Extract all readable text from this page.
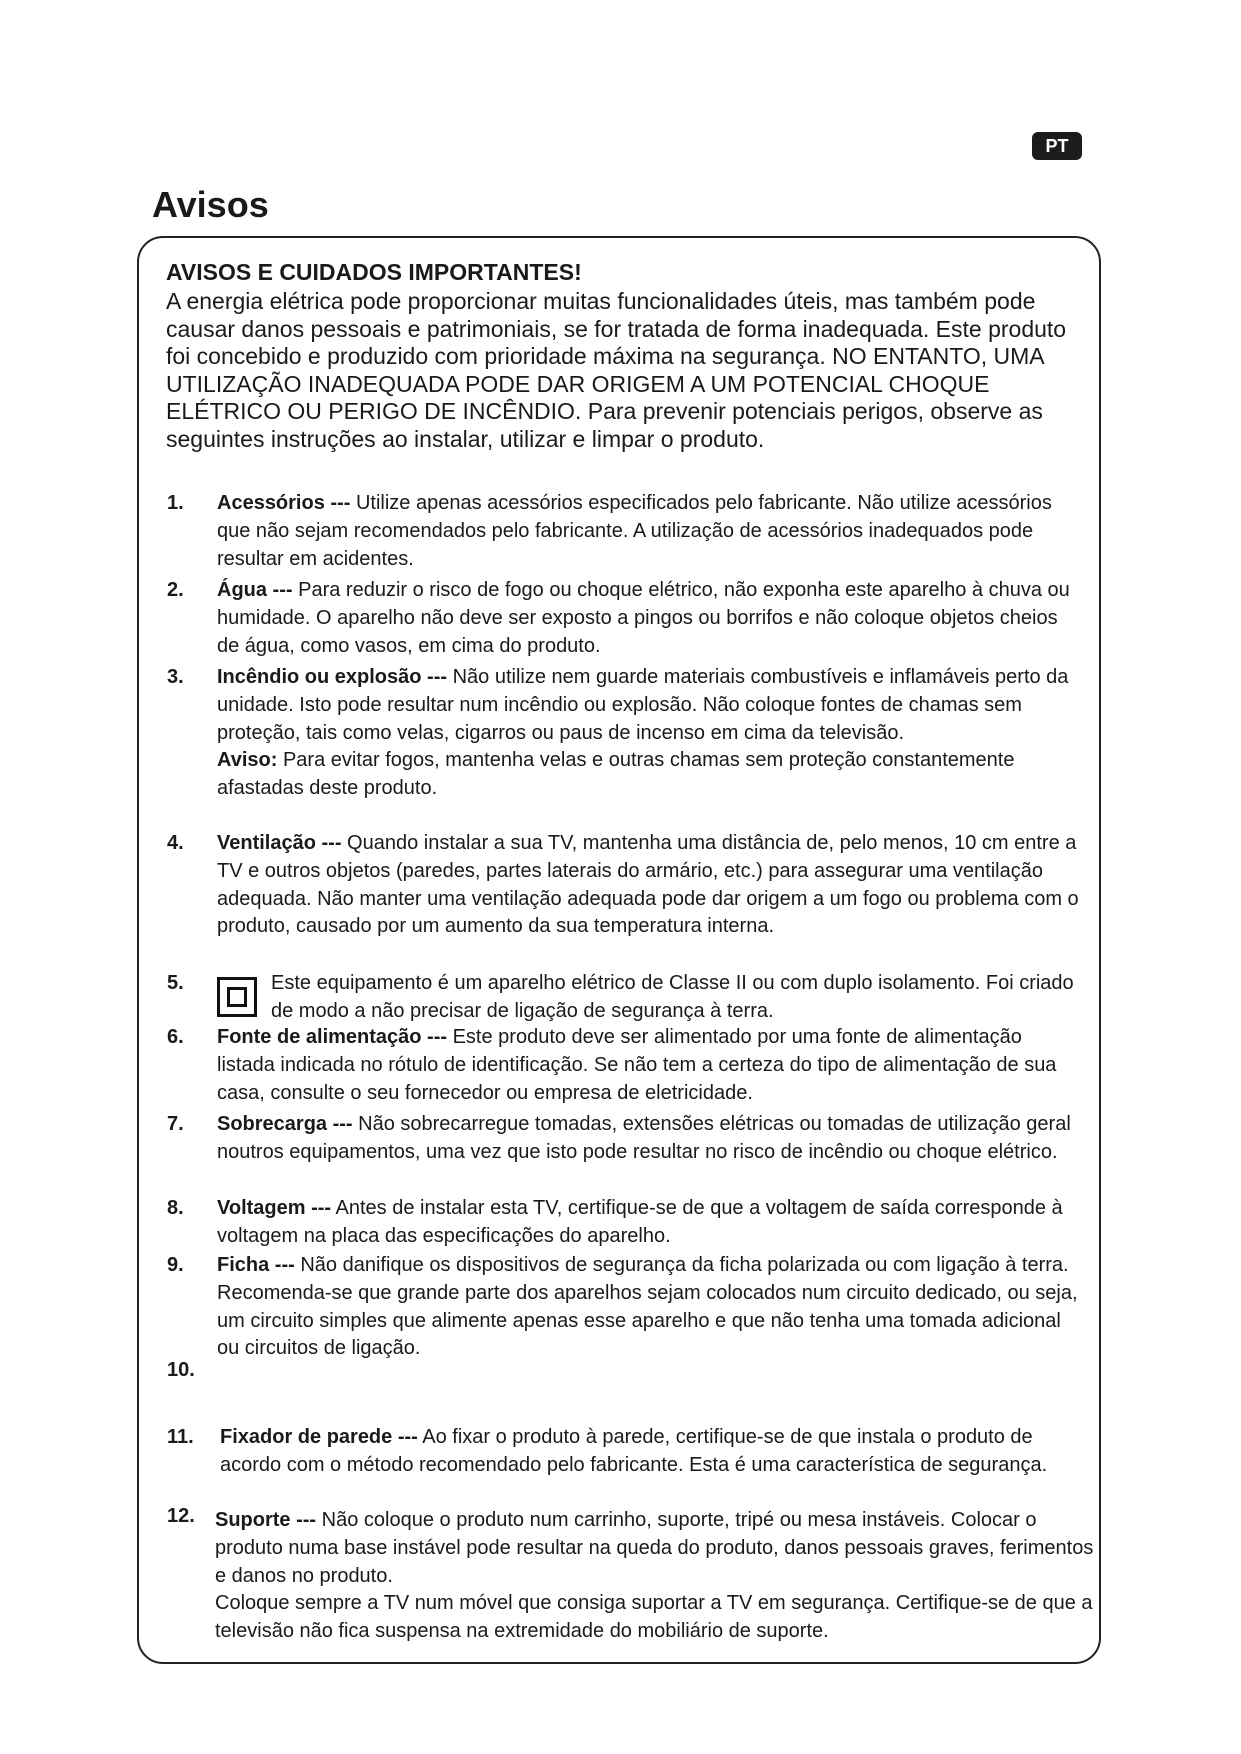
PT
Avisos
AVISOS E CUIDADOS IMPORTANTES!

A energia elétrica pode proporcionar muitas funcionalidades úteis, mas também pode causar danos pessoais e patrimoniais, se for tratada de forma inadequada. Este produto foi concebido e produzido com prioridade máxima na segurança. NO ENTANTO, UMA UTILIZAÇÃO INADEQUADA PODE DAR ORIGEM A UM POTENCIAL CHOQUE ELÉTRICO OU PERIGO DE INCÊNDIO. Para prevenir potenciais perigos, observe as seguintes instruções ao instalar, utilizar e limpar o produto.

1. Acessórios --- Utilize apenas acessórios especificados pelo fabricante. Não utilize acessórios que não sejam recomendados pelo fabricante. A utilização de acessórios inadequados pode resultar em acidentes.

2. Água --- Para reduzir o risco de fogo ou choque elétrico, não exponha este aparelho à chuva ou humidade. O aparelho não deve ser exposto a pingos ou borrifos e não coloque objetos cheios de água, como vasos, em cima do produto.

3. Incêndio ou explosão --- Não utilize nem guarde materiais combustíveis e inflamáveis perto da unidade. Isto pode resultar num incêndio ou explosão. Não coloque fontes de chamas sem proteção, tais como velas, cigarros ou paus de incenso em cima da televisão.

Aviso: Para evitar fogos, mantenha velas e outras chamas sem proteção constantemente afastadas deste produto.

4. Ventilação --- Quando instalar a sua TV, mantenha uma distância de, pelo menos, 10 cm entre a TV e outros objetos (paredes, partes laterais do armário, etc.) para assegurar uma ventilação adequada. Não manter uma ventilação adequada pode dar origem a um fogo ou problema com o produto, causado por um aumento da sua temperatura interna.

5.	Este equipamento é um aparelho elétrico de Classe II ou com duplo isolamento. Foi criado de modo a não precisar de ligação de segurança à terra.

6. Fonte de alimentação --- Este produto deve ser alimentado por uma fonte de alimentação listada indicada no rótulo de identificação. Se não tem a certeza do tipo de alimentação de sua casa, consulte o seu fornecedor ou empresa de eletricidade.

7. Sobrecarga --- Não sobrecarregue tomadas, extensões elétricas ou tomadas de utilização geral noutros equipamentos, uma vez que isto pode resultar no risco de incêndio ou choque elétrico.

8. Voltagem --- Antes de instalar esta TV, certifique-se de que a voltagem de saída corresponde à voltagem na placa das especificações do aparelho.

9. Ficha --- Não danifique os dispositivos de segurança da ficha polarizada ou com ligação à terra. Recomenda-se que grande parte dos aparelhos sejam colocados num circuito dedicado, ou seja, um circuito simples que alimente apenas esse aparelho e que não tenha uma tomada adicional ou circuitos de ligação.

10.
11. Fixador de parede --- Ao fixar o produto à parede, certifique-se de que instala o produto de acordo com o método recomendado pelo fabricante. Esta é uma característica de segurança.

12. Suporte --- Não coloque o produto num carrinho, suporte, tripé ou mesa instáveis. Colocar o produto numa base instável pode resultar na queda do produto, danos pessoais graves, ferimentos e danos no produto.

Coloque sempre a TV num móvel que consiga suportar a TV em segurança. Certifique-se de que a televisão não fica suspensa na extremidade do mobiliário de suporte.
